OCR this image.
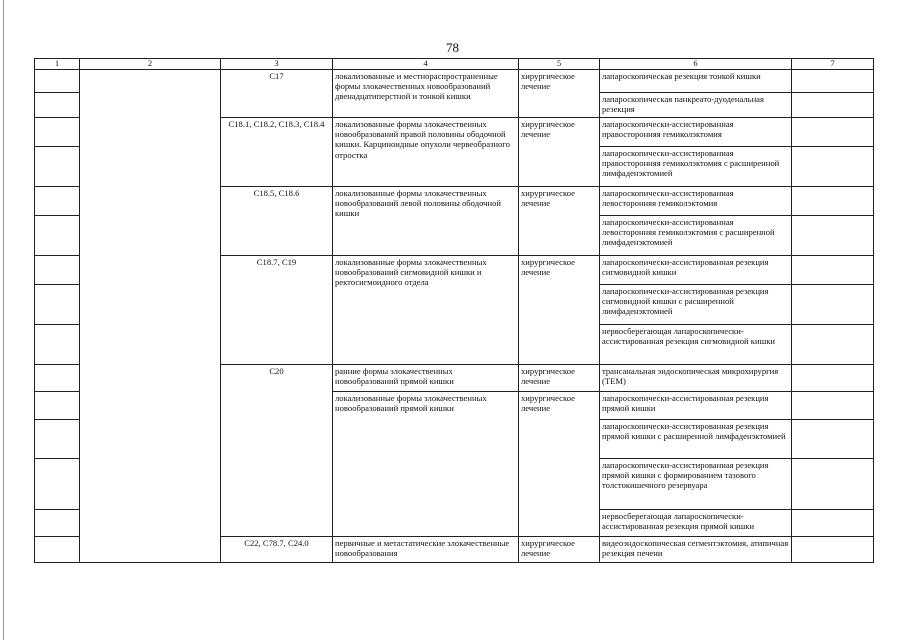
78
1	2	3	4	5	6	7
		C17	локализованные и местнораспространенные формы злокачественных новообразований двенадцатиперстной и тонкой кишки	хирургическое лечение	лапароскопическая резекция тонкой кишки	
					лапароскопическая панкреато-дуоденальная резекция	
		C18.1, C18.2, C18.3, C18.4	локализованные формы злокачественных новообразований правой половины ободочной кишки. Карциноидные опухоли червеобразного отростка	хирургическое лечение	лапароскопически-ассистированная правосторонняя гемиколэктомия	
					лапароскопически-ассистированная правосторонняя гемиколэктомия с расширенной лимфаденэктомией	
		C18.5, C18.6	локализованные формы злокачественных новообразований левой половины ободочной кишки	хирургическое лечение	лапароскопически-ассистированная левосторонняя гемиколэктомия	
					лапароскопически-ассистированная левосторонняя гемиколэктомия с расширенной лимфаденэктомией	
		C18.7, C19	локализованные формы злокачественных новообразований сигмовидной кишки и ректосигмоидного отдела	хирургическое лечение	лапароскопически-ассистированная резекция сигмовидной кишки	
					лапароскопически-ассистированная резекция сигмовидной кишки с расширенной лимфаденэктомией	
					нервосберегающая лапароскопически-ассистированная резекция сигмовидной кишки	
		C20	ранние формы злокачественных новообразований прямой кишки	хирургическое лечение	трансанальная эндоскопическая микрохирургия (ТЕМ)	
			локализованные формы злокачественных новообразований прямой кишки	хирургическое лечение	лапароскопически-ассистированная резекция прямой кишки	
					лапароскопически-ассистированная резекция прямой кишки с расширенной лимфаденэктомией	
					лапароскопически-ассистированная резекция прямой кишки с формированием тазового толстокишечного резервуара	
					нервосберегающая лапароскопически-ассистированная резекция прямой кишки	
		C22, C78.7, C24.0	первичные и метастатические злокачественные новообразования	хирургическое лечение	видеоэндоскопическая сегментэктомия, атипичная резекция печени	
